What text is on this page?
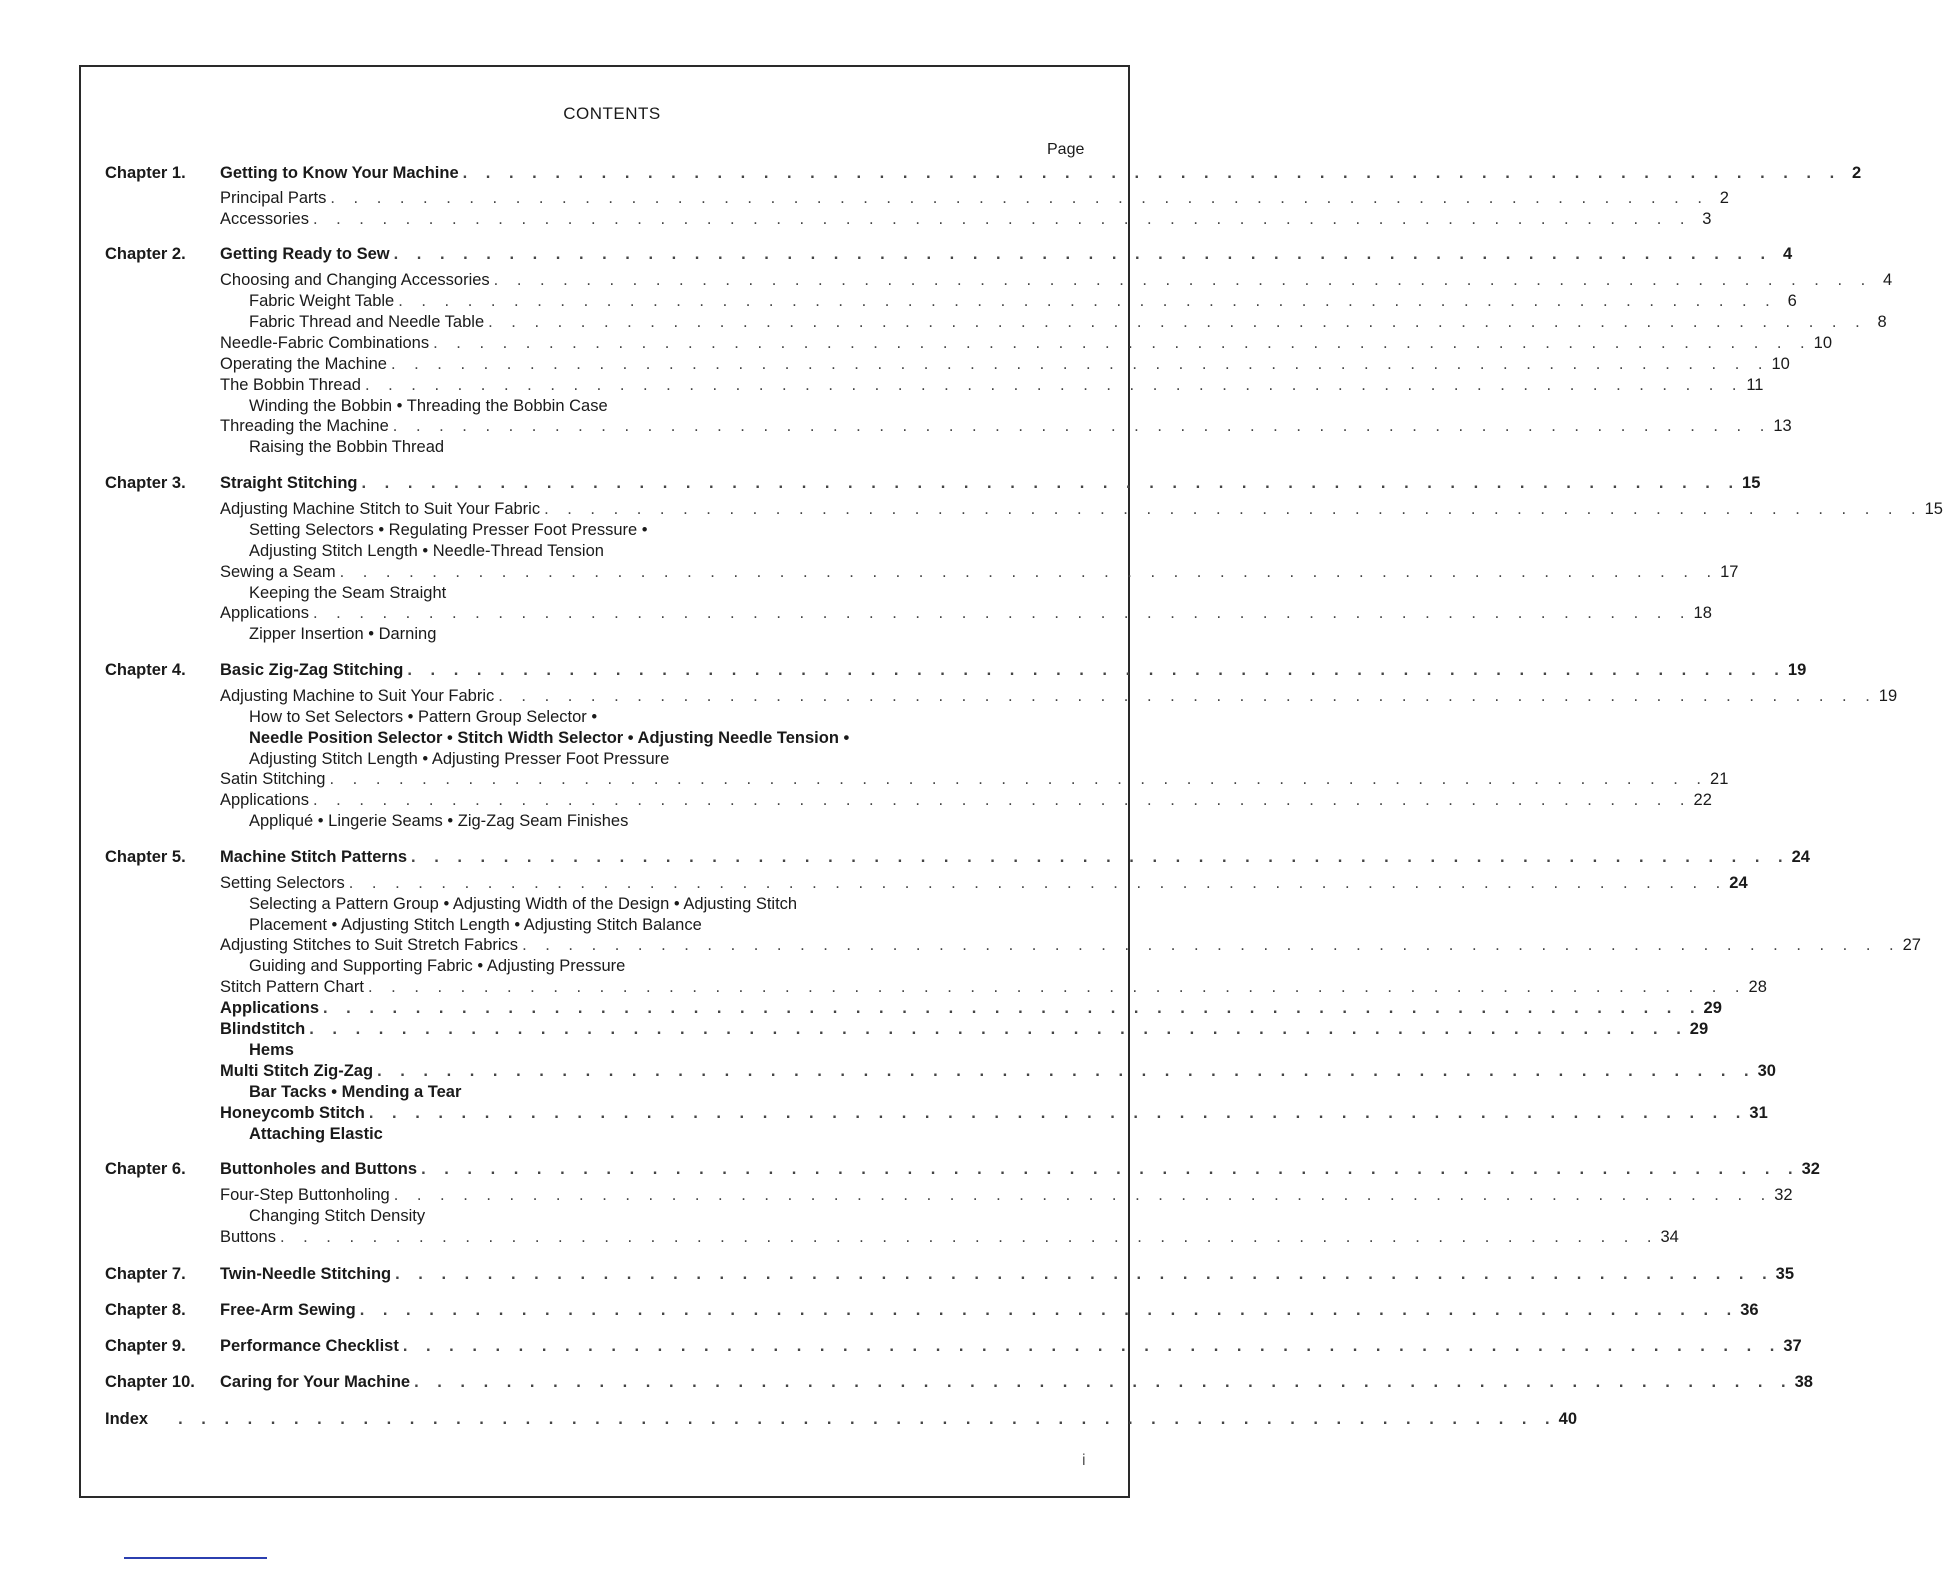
CONTENTS
Page
Chapter 1. Getting to Know Your Machine . . . . . . . . . . . . . . . . . . . . . . . . . . . . . . . . . . . . . . . . . . . . . . . . . . . . . . . . . . . . 2
Principal Parts . . . . . . . . . . . . . . . . . . . . . . . . . . . . . . . . . . . . . . . . . . . . . . . . . . . . . . . . . . . . 2
Accessories . . . . . . . . . . . . . . . . . . . . . . . . . . . . . . . . . . . . . . . . . . . . . . . . . . . . . . . . . . . . 3
Chapter 2. Getting Ready to Sew . . . . . . . . . . . . . . . . . . . . . . . . . . . . . . . . . . . . . . . . . . . . . . . . . . . . . . . . . . . . 4
Choosing and Changing Accessories . . . . . . . . . . . . . . . . . . . . . . . . . . . . . . . . . . . . . . . . . . . . . . . . . . . . . . . . . . . . 4
Fabric Weight Table . . . . . . . . . . . . . . . . . . . . . . . . . . . . . . . . . . . . . . . . . . . . . . . . . . . . . . . . . . . . 6
Fabric Thread and Needle Table . . . . . . . . . . . . . . . . . . . . . . . . . . . . . . . . . . . . . . . . . . . . . . . . . . . . . . . . . . . . 8
Needle-Fabric Combinations . . . . . . . . . . . . . . . . . . . . . . . . . . . . . . . . . . . . . . . . . . . . . . . . . . . . . . . . . . . . 10
Operating the Machine . . . . . . . . . . . . . . . . . . . . . . . . . . . . . . . . . . . . . . . . . . . . . . . . . . . . . . . . . . . . 10
The Bobbin Thread . . . . . . . . . . . . . . . . . . . . . . . . . . . . . . . . . . . . . . . . . . . . . . . . . . . . . . . . . . . . 11
Winding the Bobbin • Threading the Bobbin Case
Threading the Machine . . . . . . . . . . . . . . . . . . . . . . . . . . . . . . . . . . . . . . . . . . . . . . . . . . . . . . . . . . . . 13
Raising the Bobbin Thread
Chapter 3. Straight Stitching . . . . . . . . . . . . . . . . . . . . . . . . . . . . . . . . . . . . . . . . . . . . . . . . . . . . . . . . . . . . 15
Adjusting Machine Stitch to Suit Your Fabric . . . . . . . . . . . . . . . . . . . . . . . . . . . . . . . . . . . . . . . . . . . . . . . . . . . . . . . . . . . . 15
Setting Selectors • Regulating Presser Foot Pressure •
Adjusting Stitch Length • Needle-Thread Tension
Sewing a Seam . . . . . . . . . . . . . . . . . . . . . . . . . . . . . . . . . . . . . . . . . . . . . . . . . . . . . . . . . . . . 17
Keeping the Seam Straight
Applications . . . . . . . . . . . . . . . . . . . . . . . . . . . . . . . . . . . . . . . . . . . . . . . . . . . . . . . . . . . . 18
Zipper Insertion • Darning
Chapter 4. Basic Zig-Zag Stitching . . . . . . . . . . . . . . . . . . . . . . . . . . . . . . . . . . . . . . . . . . . . . . . . . . . . . . . . . . . . 19
Adjusting Machine to Suit Your Fabric . . . . . . . . . . . . . . . . . . . . . . . . . . . . . . . . . . . . . . . . . . . . . . . . . . . . . . . . . . . . 19
How to Set Selectors • Pattern Group Selector •
Needle Position Selector • Stitch Width Selector • Adjusting Needle Tension •
Adjusting Stitch Length • Adjusting Presser Foot Pressure
Satin Stitching . . . . . . . . . . . . . . . . . . . . . . . . . . . . . . . . . . . . . . . . . . . . . . . . . . . . . . . . . . . . 21
Applications . . . . . . . . . . . . . . . . . . . . . . . . . . . . . . . . . . . . . . . . . . . . . . . . . . . . . . . . . . . . 22
Appliqué • Lingerie Seams • Zig-Zag Seam Finishes
Chapter 5. Machine Stitch Patterns . . . . . . . . . . . . . . . . . . . . . . . . . . . . . . . . . . . . . . . . . . . . . . . . . . . . . . . . . . . . 24
Setting Selectors . . . . . . . . . . . . . . . . . . . . . . . . . . . . . . . . . . . . . . . . . . . . . . . . . . . . . . . . . . . . 24
Selecting a Pattern Group • Adjusting Width of the Design • Adjusting Stitch
Placement • Adjusting Stitch Length • Adjusting Stitch Balance
Adjusting Stitches to Suit Stretch Fabrics . . . . . . . . . . . . . . . . . . . . . . . . . . . . . . . . . . . . . . . . . . . . . . . . . . . . . . . . . . . . 27
Guiding and Supporting Fabric • Adjusting Pressure
Stitch Pattern Chart . . . . . . . . . . . . . . . . . . . . . . . . . . . . . . . . . . . . . . . . . . . . . . . . . . . . . . . . . . . . 28
Applications . . . . . . . . . . . . . . . . . . . . . . . . . . . . . . . . . . . . . . . . . . . . . . . . . . . . . . . . . . . . 29
Blindstitch . . . . . . . . . . . . . . . . . . . . . . . . . . . . . . . . . . . . . . . . . . . . . . . . . . . . . . . . . . . . 29
Hems
Multi Stitch Zig-Zag . . . . . . . . . . . . . . . . . . . . . . . . . . . . . . . . . . . . . . . . . . . . . . . . . . . . . . . . . . . . 30
Bar Tacks • Mending a Tear
Honeycomb Stitch . . . . . . . . . . . . . . . . . . . . . . . . . . . . . . . . . . . . . . . . . . . . . . . . . . . . . . . . . . . . 31
Attaching Elastic
Chapter 6. Buttonholes and Buttons . . . . . . . . . . . . . . . . . . . . . . . . . . . . . . . . . . . . . . . . . . . . . . . . . . . . . . . . . . . . 32
Four-Step Buttonholing . . . . . . . . . . . . . . . . . . . . . . . . . . . . . . . . . . . . . . . . . . . . . . . . . . . . . . . . . . . . 32
Changing Stitch Density
Buttons . . . . . . . . . . . . . . . . . . . . . . . . . . . . . . . . . . . . . . . . . . . . . . . . . . . . . . . . . . . . 34
Chapter 7. Twin-Needle Stitching . . . . . . . . . . . . . . . . . . . . . . . . . . . . . . . . . . . . . . . . . . . . . . . . . . . . . . . . . . . . 35
Chapter 8. Free-Arm Sewing . . . . . . . . . . . . . . . . . . . . . . . . . . . . . . . . . . . . . . . . . . . . . . . . . . . . . . . . . . . . 36
Chapter 9. Performance Checklist . . . . . . . . . . . . . . . . . . . . . . . . . . . . . . . . . . . . . . . . . . . . . . . . . . . . . . . . . . . . 37
Chapter 10. Caring for Your Machine . . . . . . . . . . . . . . . . . . . . . . . . . . . . . . . . . . . . . . . . . . . . . . . . . . . . . . . . . . . . 38
Index . . . . . . . . . . . . . . . . . . . . . . . . . . . . . . . . . . . . . . . . . . . . . . . . . . . . . . . . . . . . 40
i
